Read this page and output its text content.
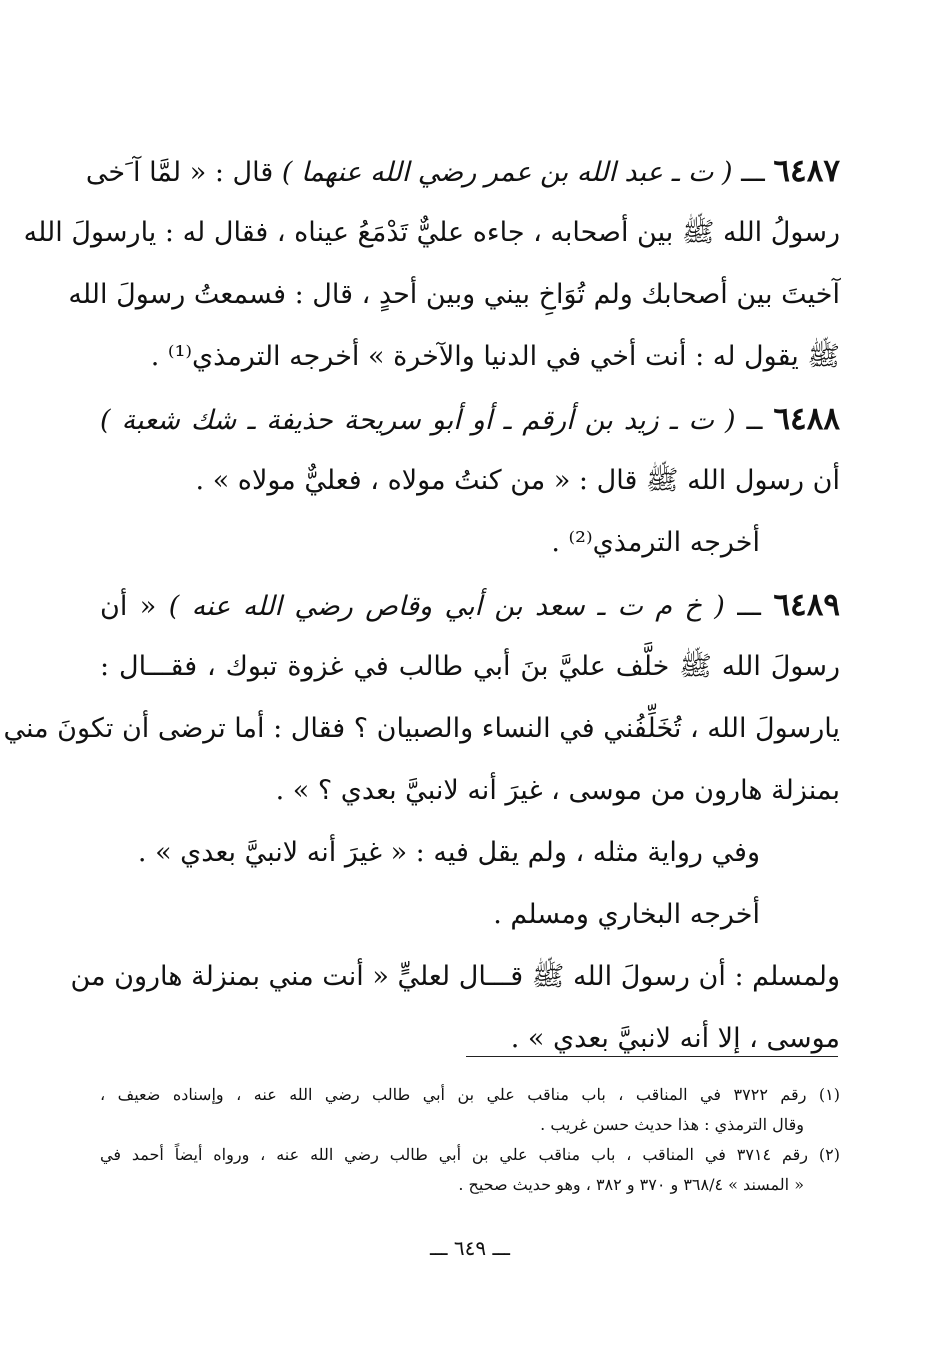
٦٤٨٧ ـــ ( ت ـ عبد الله بن عمر رضي الله عنهما ) قال : « لمَّا آ َخى
رسولُ الله ﷺ بين أصحابه ، جاءه عليٌّ تَدْمَعُ عيناه ، فقال له : يارسولَ الله
آخيتَ بين أصحابك ولم تُوَاخِ بيني وبين أحدٍ ، قال : فسمعتُ رسولَ الله
ﷺ يقول له : أنت أخي في الدنيا والآخرة » أخرجه الترمذي⁽¹⁾ .
٦٤٨٨ ــ ( ت ـ زيد بن أرقم ـ أو أبو سريحة حذيفة ـ شك شعبة )
أن رسول الله ﷺ قال : « من كنتُ مولاه ، فعليٌّ مولاه » .
أخرجه الترمذي⁽²⁾ .
٦٤٨٩ ـــ ( خ م ت ـ سعد بن أبي وقاص رضي الله عنه ) « أن
رسولَ الله ﷺ خلَّف عليَّ بنَ أبي طالب في غزوة تبوك ، فقـــال :
يارسولَ الله ، تُخَلِّفُني في النساء والصبيان ؟ فقال : أما ترضى أن تكونَ مني
بمنزلة هارون من موسى ، غيرَ أنه لانبيَّ بعدي ؟ » .
وفي رواية مثله ، ولم يقل فيه : « غيرَ أنه لانبيَّ بعدي » .
أخرجه البخاري ومسلم .
ولمسلم : أن رسولَ الله ﷺ قـــال لعليٍّ « أنت مني بمنزلة هارون من
موسى ، إلا أنه لانبيَّ بعدي » .
(١) رقم ٣٧٢٢ في المناقب ، باب مناقب علي بن أبي طالب رضي الله عنه ، وإسناده ضعيف ،
وقال الترمذي : هذا حديث حسن غريب .
(٢) رقم ٣٧١٤ في المناقب ، باب مناقب علي بن أبي طالب رضي الله عنه ، ورواه أيضاً أحمد في
« المسند » ٣٦٨/٤ و ٣٧٠ و ٣٨٢ ، وهو حديث صحيح .
ـــ ٦٤٩ ـــ
